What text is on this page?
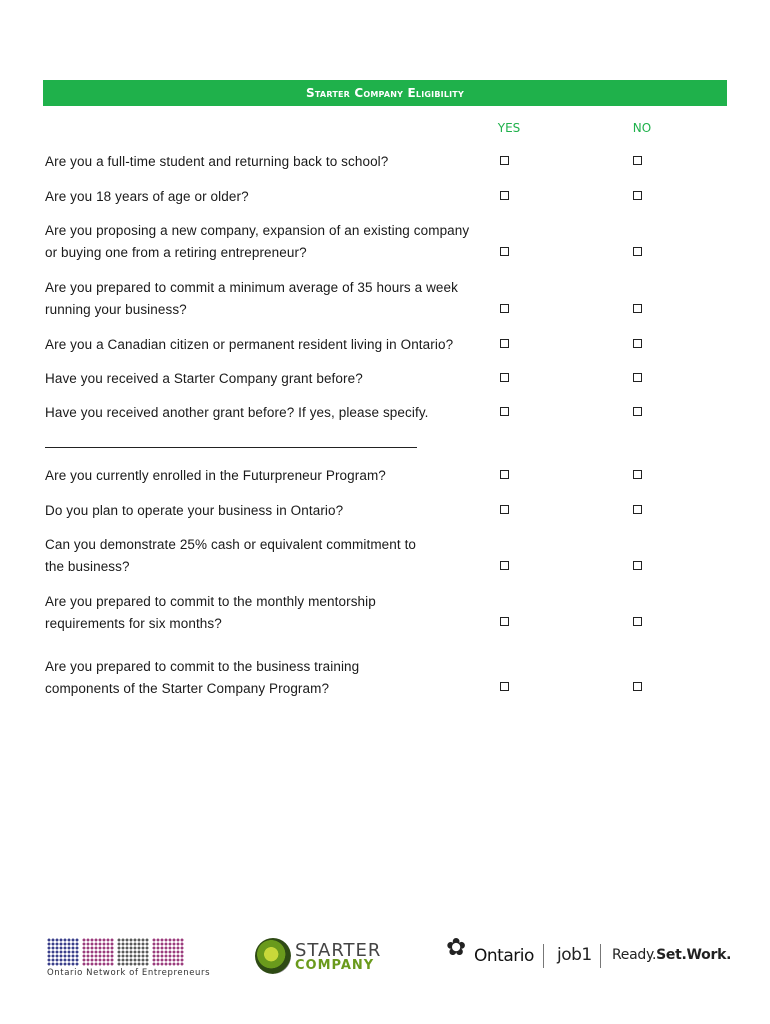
Starter Company Eligibility
YES	NO
Are you a full-time student and returning back to school?
Are you 18 years of age or older?
Are you proposing a new company, expansion of an existing company or buying one from a retiring entrepreneur?
Are you prepared to commit a minimum average of 35 hours a week running your business?
Are you a Canadian citizen or permanent resident living in Ontario?
Have you received a Starter Company grant before?
Have you received another grant before? If yes, please specify.
Are you currently enrolled in the Futurpreneur Program?
Do you plan to operate your business in Ontario?
Can you demonstrate 25% cash or equivalent commitment to the business?
Are you prepared to commit to the monthly mentorship requirements for six months?
Are you prepared to commit to the business training components of the Starter Company Program?
Ontario Network of Entrepreneurs
STARTER
COMPANY
✿ Ontario job1 Ready.Set.Work.
